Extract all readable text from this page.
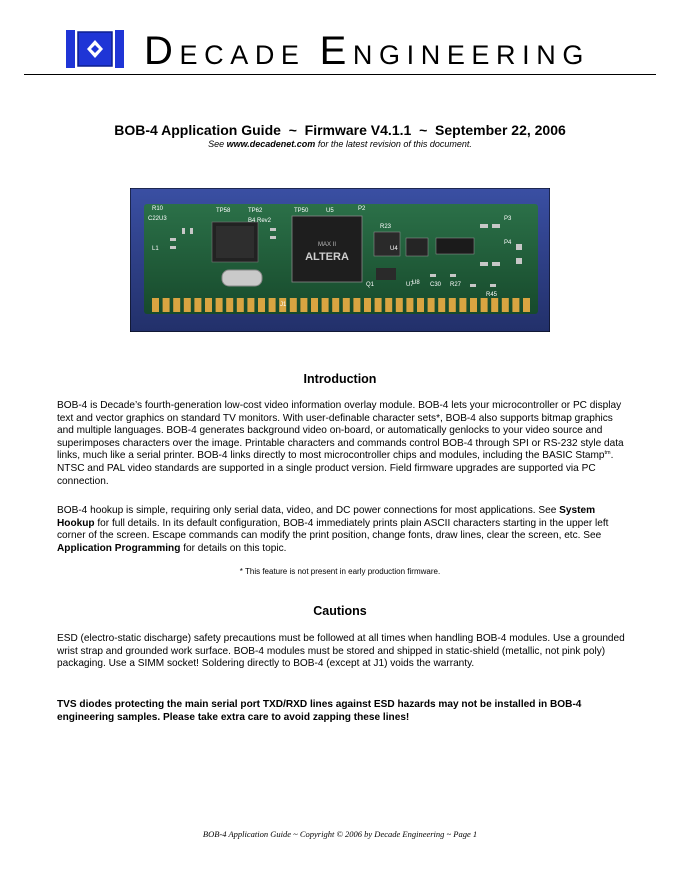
DECADE ENGINEERING
BOB-4 Application Guide ~ Firmware V4.1.1 ~ September 22, 2006
See www.decadenet.com for the latest revision of this document.
ALTERA
MAX II
R10	TP58	TP62	TP50	U5	P2
B4 Rev2
C22U3
J1
P3
P4
L1
Q1	U7	C30 R27
U8
U4
R23
R45
Introduction
BOB-4 is Decade’s fourth-generation low-cost video information overlay module. BOB-4 lets your microcontroller or PC display text and vector graphics on standard TV monitors. With user-definable character sets*, BOB-4 also supports bitmap graphics and multiple languages. BOB-4 generates background video on-board, or automatically genlocks to your video source and superimposes characters over the image. Printable characters and commands control BOB-4 through SPI or RS-232 style data links, much like a serial printer. BOB-4 links directly to most microcontroller chips and modules, including the BASIC Stamp$^{tm}$. NTSC and PAL video standards are supported in a single product version. Field firmware upgrades are supported via PC connection.
BOB-4 hookup is simple, requiring only serial data, video, and DC power connections for most applications. See System Hookup for full details. In its default configuration, BOB-4 immediately prints plain ASCII characters starting in the upper left corner of the screen. Escape commands can modify the print position, change fonts, draw lines, clear the screen, etc. See Application Programming for details on this topic.
* This feature is not present in early production firmware.
Cautions
ESD (electro-static discharge) safety precautions must be followed at all times when handling BOB-4 modules. Use a grounded wrist strap and grounded work surface. BOB-4 modules must be stored and shipped in static-shield (metallic, not pink poly) packaging. Use a SIMM socket! Soldering directly to BOB-4 (except at J1) voids the warranty.
TVS diodes protecting the main serial port TXD/RXD lines against ESD hazards may not be installed in BOB-4 engineering samples. Please take extra care to avoid zapping these lines!
BOB-4 Application Guide ~ Copyright © 2006 by Decade Engineering ~ Page 1
